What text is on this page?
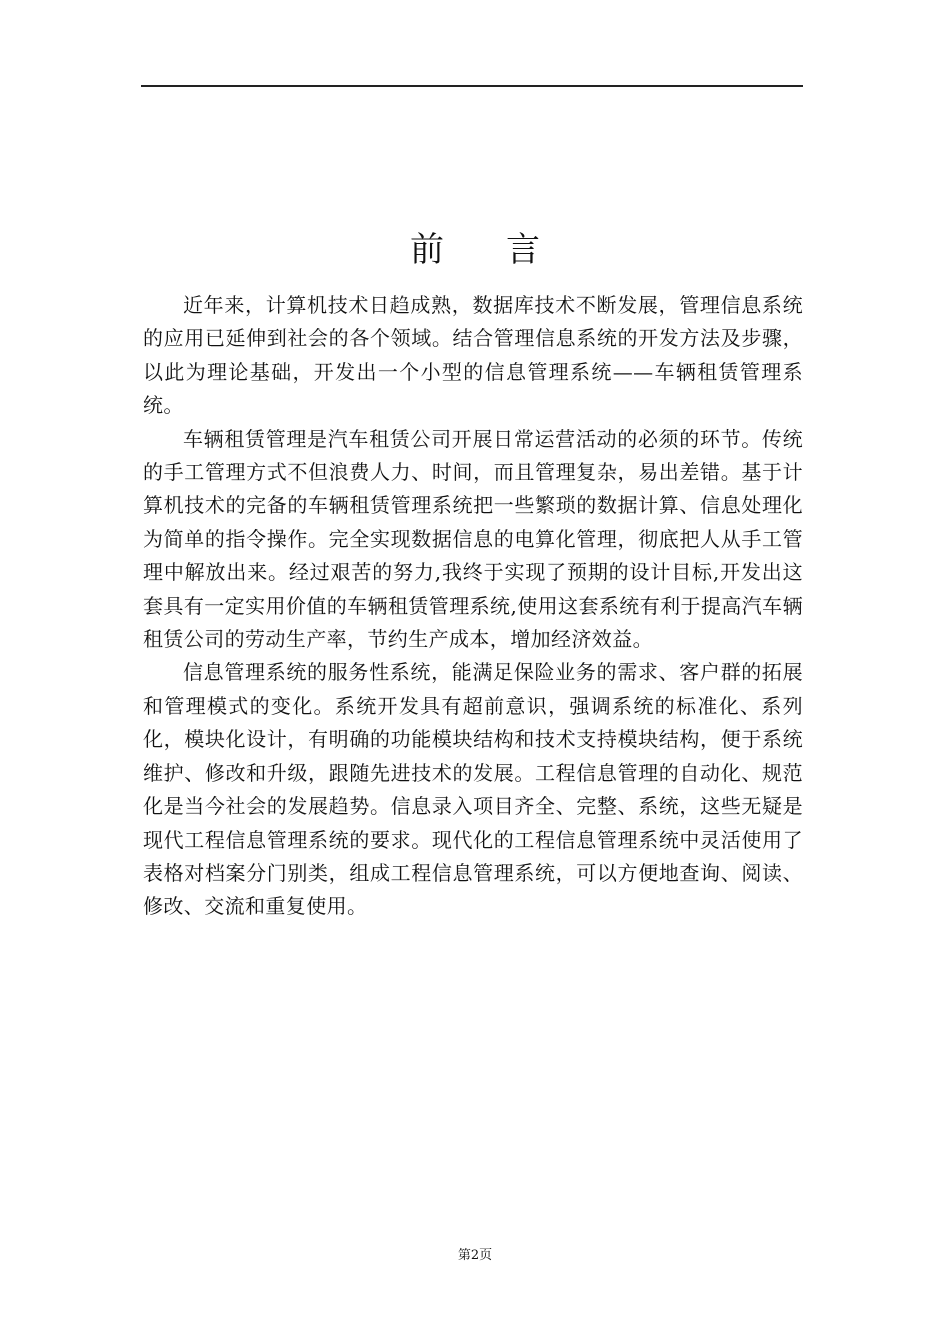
前 言

近年来，计算机技术日趋成熟，数据库技术不断发展，管理信息系统的应用已延伸到社会的各个领域。结合管理信息系统的开发方法及步骤，以此为理论基础，开发出一个小型的信息管理系统——车辆租赁管理系统。

车辆租赁管理是汽车租赁公司开展日常运营活动的必须的环节。传统的手工管理方式不但浪费人力、时间，而且管理复杂，易出差错。基于计算机技术的完备的车辆租赁管理系统把一些繁琐的数据计算、信息处理化为简单的指令操作。完全实现数据信息的电算化管理，彻底把人从手工管理中解放出来。经过艰苦的努力,我终于实现了预期的设计目标,开发出这套具有一定实用价值的车辆租赁管理系统,使用这套系统有利于提高汽车辆租赁公司的劳动生产率，节约生产成本，增加经济效益。

信息管理系统的服务性系统，能满足保险业务的需求、客户群的拓展和管理模式的变化。系统开发具有超前意识，强调系统的标准化、系列化，模块化设计，有明确的功能模块结构和技术支持模块结构，便于系统维护、修改和升级，跟随先进技术的发展。工程信息管理的自动化、规范化是当今社会的发展趋势。信息录入项目齐全、完整、系统，这些无疑是现代工程信息管理系统的要求。现代化的工程信息管理系统中灵活使用了表格对档案分门别类，组成工程信息管理系统，可以方便地查询、阅读、修改、交流和重复使用。

第2页
